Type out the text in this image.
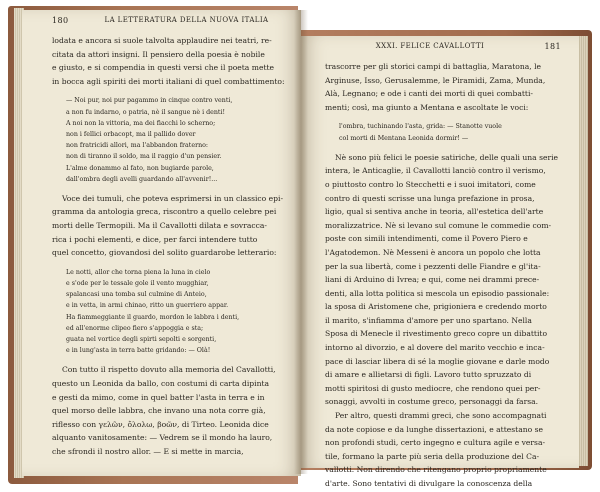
180	LA LETTERATURA DELLA NUOVA ITALIA
lodata e ancora si suole talvolta applaudire nei teatri, re-
citata da attori insigni. Il pensiero della poesia è nobile
e giusto, e si compendia in questi versi che il poeta mette
in bocca agli spiriti dei morti italiani di quel combattimento:
— Noi pur, noi pur pagammo in cinque contro venti,
a non fu indarno, o patria, nè il sangue nè i denti!
A noi non la vittoria, ma dei fiacchi lo scherno;
non i fellici orbacopt, ma il pallido dover
non fratricidi allori, ma l'abbandon fraterno:
non di tiranno il soldo, ma il raggio d'un pensier.
L'alme donammo al fato, non bugiarde parole,
dall'ombra degli avelli guardando all'avvenir!...
Voce dei tumuli, che poteva esprimersi in un classico epi-
gramma da antologia greca, riscontro a quello celebre pei
morti delle Termopili. Ma il Cavallotti dilata e sovracca-
rica i pochi elementi, e dice, per farci intendere tutto
quel concetto, giovandosi del solito guardarobe letterario:
Le notti, allor che torna piena la luna in cielo
e s'ode per le tessale gole il vento mugghiar,
spalancasi una tomba sul culmine di Anteio,
e in vetta, in armi chinao, ritto un guerriero appar.
Ha fiammeggiante il guardo, mordon le labbra i denti,
ed all'enorme clipeo fiero s'appoggia e sta;
guata nel vortice degli spirti sepolti e sorgenti,
e in lung'asta in terra batte gridando: — Olà!
Con tutto il rispetto dovuto alla memoria del Cavallotti,
questo un Leonida da ballo, con costumi di carta dipinta
e gesti da mimo, come in quel batter l'asta in terra e in
quel morso delle labbra, che invano una nota corre già,
riflesso con γελῶν, ὄλολω, βοῶν, di Tirteo. Leonida dice
alquanto vanitosamente: — Vedrem se il mondo ha lauro,
che sfrondi il nostro allor. — E si mette in marcia,
XXXI. FELICE CAVALLOTTI	181
trascorre per gli storici campi di battaglia, Maratona, le
Arginuse, Isso, Gerusalemme, le Piramidi, Zama, Munda,
Alà, Legnano; e ode i canti dei morti di quei combatti-
menti; così, ma giunto a Mentana e ascoltate le voci:
l'ombra, tuchinando l'asta, grida: — Stanotte vuole
col morti di Mentana Leonida dormir! —
Nè sono più felici le poesie satiriche, delle quali una serie
intera, le Anticaglie, il Cavallotti lanciò contro il verismo,
o piuttosto contro lo Stecchetti e i suoi imitatori, come
contro di questi scrisse una lunga prefazione in prosa,
ligio, qual si sentiva anche in teoria, all'estetica dell'arte
moralizzatrice. Nè si levano sul comune le commedie com-
poste con simili intendimenti, come il Povero Piero e
l'Agatodemon. Nè Messeni è ancora un popolo che lotta
per la sua libertà, come i pezzenti delle Fiandre e gl'ita-
liani di Arduino di Ivrea; e qui, come nei drammi prece-
denti, alla lotta politica si mescola un episodio passionale:
la sposa di Aristomene che, prigioniera e credendo morto
il marito, s'infiamma d'amore per uno spartano. Nella
Sposa di Menecle il rivestimento greco copre un dibattito
intorno al divorzio, e al dovere del marito vecchio e inca-
pace di lasciar libera di sé la moglie giovane e darle modo
di amare e allietarsi di figli. Lavoro tutto spruzzato di
motti spiritosi di gusto mediocre, che rendono quei per-
sonaggi, avvolti in costume greco, personaggi da farsa.
Per altro, questi drammi greci, che sono accompagnati
da note copiose e da lunghe dissertazioni, e attestano se
non profondi studi, certo ingegno e cultura agile e versa-
tile, formano la parte più seria della produzione del Ca-
vallotti. Non direndo che ritengano proprio propriamente
d'arte. Sono tentativi di divulgare la conoscenza della
